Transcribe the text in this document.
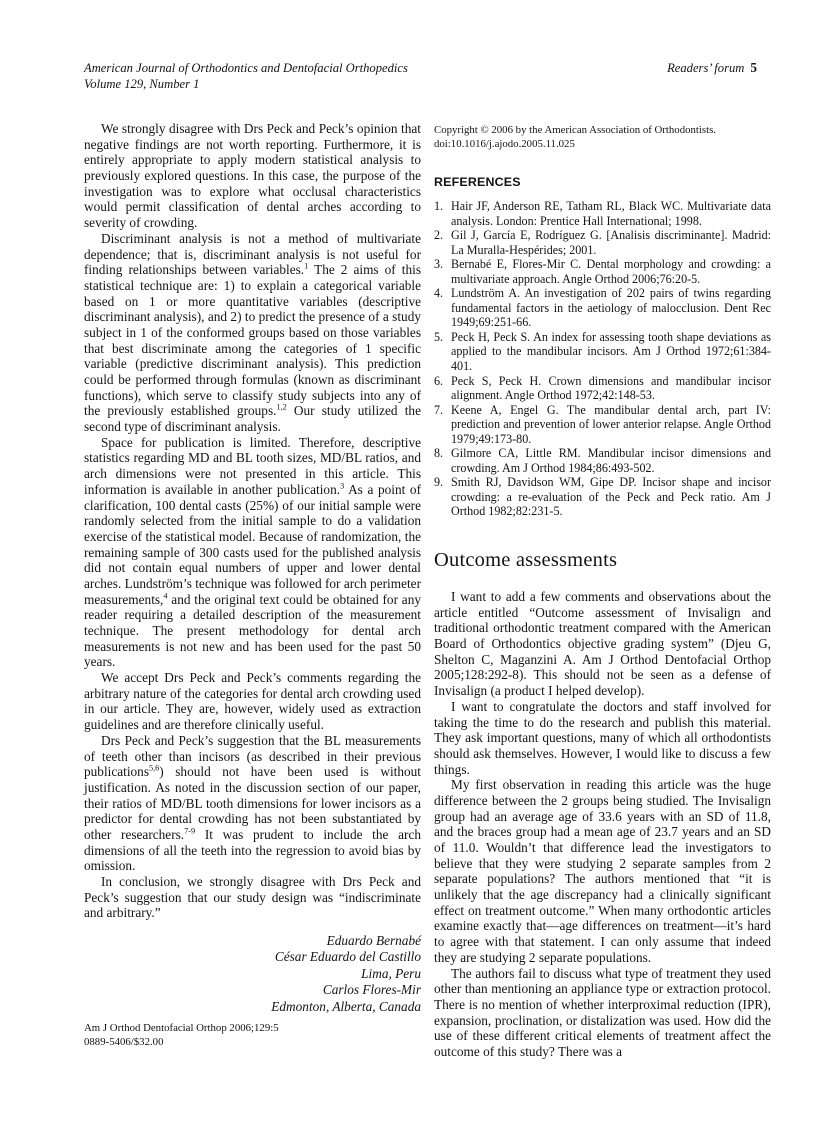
American Journal of Orthodontics and Dentofacial Orthopedics
Volume 129, Number 1
Readers’ forum 5

We strongly disagree with Drs Peck and Peck’s opinion that negative findings are not worth reporting. Furthermore, it is entirely appropriate to apply modern statistical analysis to previously explored questions. In this case, the purpose of the investigation was to explore what occlusal characteristics would permit classification of dental arches according to severity of crowding.

Discriminant analysis is not a method of multivariate dependence; that is, discriminant analysis is not useful for finding relationships between variables.$^1$ The 2 aims of this statistical technique are: 1) to explain a categorical variable based on 1 or more quantitative variables (descriptive discriminant analysis), and 2) to predict the presence of a study subject in 1 of the conformed groups based on those variables that best discriminate among the categories of 1 specific variable (predictive discriminant analysis). This prediction could be performed through formulas (known as discriminant functions), which serve to classify study subjects into any of the previously established groups.$^{1,2}$ Our study utilized the second type of discriminant analysis.

Space for publication is limited. Therefore, descriptive statistics regarding MD and BL tooth sizes, MD/BL ratios, and arch dimensions were not presented in this article. This information is available in another publication.$^3$ As a point of clarification, 100 dental casts (25%) of our initial sample were randomly selected from the initial sample to do a validation exercise of the statistical model. Because of randomization, the remaining sample of 300 casts used for the published analysis did not contain equal numbers of upper and lower dental arches. Lundström’s technique was followed for arch perimeter measurements,$^4$ and the original text could be obtained for any reader requiring a detailed description of the measurement technique. The present methodology for dental arch measurements is not new and has been used for the past 50 years.

We accept Drs Peck and Peck’s comments regarding the arbitrary nature of the categories for dental arch crowding used in our article. They are, however, widely used as extraction guidelines and are therefore clinically useful.

Drs Peck and Peck’s suggestion that the BL measurements of teeth other than incisors (as described in their previous publications$^{5,6}$) should not have been used is without justification. As noted in the discussion section of our paper, their ratios of MD/BL tooth dimensions for lower incisors as a predictor for dental crowding has not been substantiated by other researchers.$^{7-9}$ It was prudent to include the arch dimensions of all the teeth into the regression to avoid bias by omission.

In conclusion, we strongly disagree with Drs Peck and Peck’s suggestion that our study design was “indiscriminate and arbitrary.”

Eduardo Bernabé
César Eduardo del Castillo
Lima, Peru
Carlos Flores-Mir
Edmonton, Alberta, Canada
Am J Orthod Dentofacial Orthop 2006;129:5
0889-5406/$32.00
Copyright © 2006 by the American Association of Orthodontists.
doi:10.1016/j.ajodo.2005.11.025
REFERENCES
Hair JF, Anderson RE, Tatham RL, Black WC. Multivariate data analysis. London: Prentice Hall International; 1998.
Gil J, García E, Rodríguez G. [Analisis discriminante]. Madrid: La Muralla-Hespérides; 2001.
Bernabé E, Flores-Mir C. Dental morphology and crowding: a multivariate approach. Angle Orthod 2006;76:20-5.
Lundström A. An investigation of 202 pairs of twins regarding fundamental factors in the aetiology of malocclusion. Dent Rec 1949;69:251-66.
Peck H, Peck S. An index for assessing tooth shape deviations as applied to the mandibular incisors. Am J Orthod 1972;61:384-401.
Peck S, Peck H. Crown dimensions and mandibular incisor alignment. Angle Orthod 1972;42:148-53.
Keene A, Engel G. The mandibular dental arch, part IV: prediction and prevention of lower anterior relapse. Angle Orthod 1979;49:173-80.
Gilmore CA, Little RM. Mandibular incisor dimensions and crowding. Am J Orthod 1984;86:493-502.
Smith RJ, Davidson WM, Gipe DP. Incisor shape and incisor crowding: a re-evaluation of the Peck and Peck ratio. Am J Orthod 1982;82:231-5.
Outcome assessments

I want to add a few comments and observations about the article entitled “Outcome assessment of Invisalign and traditional orthodontic treatment compared with the American Board of Orthodontics objective grading system” (Djeu G, Shelton C, Maganzini A. Am J Orthod Dentofacial Orthop 2005;128:292-8). This should not be seen as a defense of Invisalign (a product I helped develop).

I want to congratulate the doctors and staff involved for taking the time to do the research and publish this material. They ask important questions, many of which all orthodontists should ask themselves. However, I would like to discuss a few things.

My first observation in reading this article was the huge difference between the 2 groups being studied. The Invisalign group had an average age of 33.6 years with an SD of 11.8, and the braces group had a mean age of 23.7 years and an SD of 11.0. Wouldn’t that difference lead the investigators to believe that they were studying 2 separate samples from 2 separate populations? The authors mentioned that “it is unlikely that the age discrepancy had a clinically significant effect on treatment outcome.” When many orthodontic articles examine exactly that—age differences on treatment—it’s hard to agree with that statement. I can only assume that indeed they are studying 2 separate populations.

The authors fail to discuss what type of treatment they used other than mentioning an appliance type or extraction protocol. There is no mention of whether interproximal reduction (IPR), expansion, proclination, or distalization was used. How did the use of these different critical elements of treatment affect the outcome of this study? There was a
